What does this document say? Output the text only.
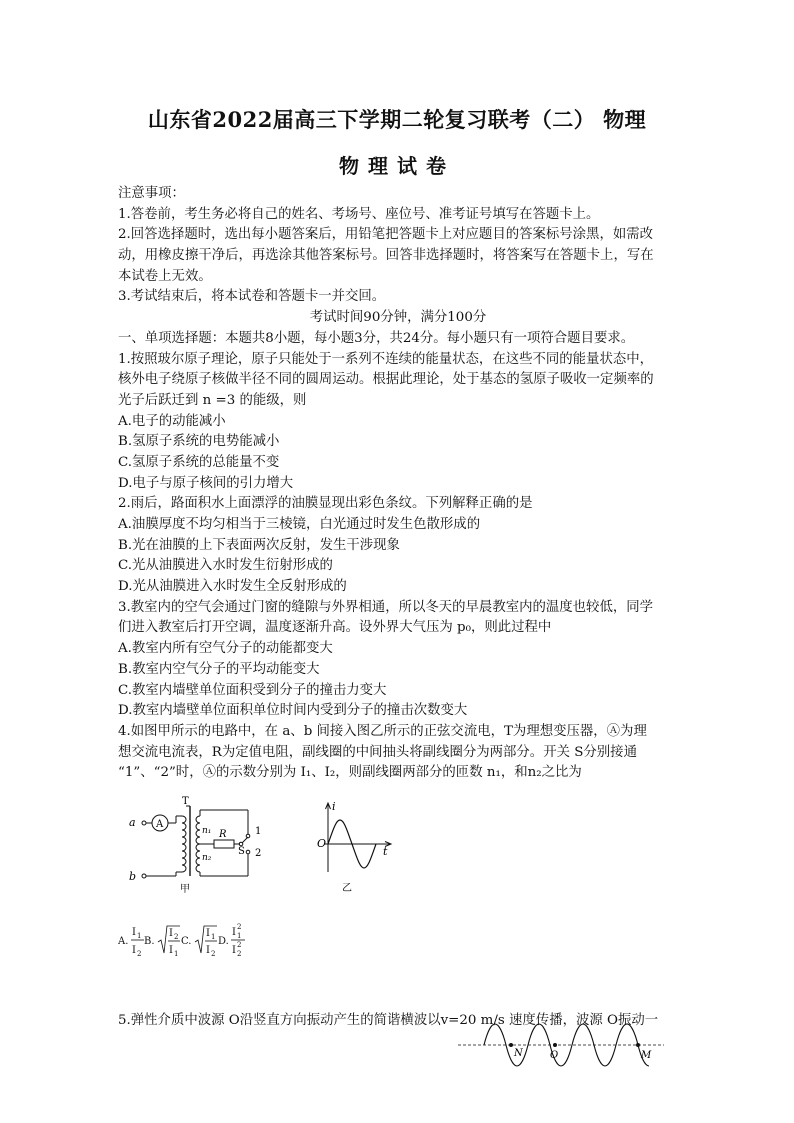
山东省2022届高三下学期二轮复习联考（二） 物理
物理试卷
注意事项：
1.答卷前，考生务必将自己的姓名、考场号、座位号、准考证号填写在答题卡上。
2.回答选择题时，选出每小题答案后，用铅笔把答题卡上对应题目的答案标号涂黑，如需改
动，用橡皮擦干净后，再选涂其他答案标号。回答非选择题时，将答案写在答题卡上，写在
本试卷上无效。
3.考试结束后，将本试卷和答题卡一并交回。
考试时间90分钟，满分100分
一、单项选择题：本题共8小题，每小题3分，共24分。每小题只有一项符合题目要求。
1.按照玻尔原子理论，原子只能处于一系列不连续的能量状态，在这些不同的能量状态中，
核外电子绕原子核做半径不同的圆周运动。根据此理论，处于基态的氢原子吸收一定频率的
光子后跃迁到 n =3 的能级，则
A.电子的动能减小
B.氢原子系统的电势能减小
C.氢原子系统的总能量不变
D.电子与原子核间的引力增大
2.雨后，路面积水上面漂浮的油膜显现出彩色条纹。下列解释正确的是
A.油膜厚度不均匀相当于三棱镜，白光通过时发生色散形成的
B.光在油膜的上下表面两次反射，发生干涉现象
C.光从油膜进入水时发生衍射形成的
D.光从油膜进入水时发生全反射形成的
3.教室内的空气会通过门窗的缝隙与外界相通，所以冬天的早晨教室内的温度也较低，同学
们进入教室后打开空调，温度逐渐升高。设外界大气压为 p₀，则此过程中
A.教室内所有空气分子的动能都变大
B.教室内空气分子的平均动能变大
C.教室内墙壁单位面积受到分子的撞击力变大
D.教室内墙壁单位面积单位时间内受到分子的撞击次数变大
4.如图甲所示的电路中，在 a、b 间接入图乙所示的正弦交流电，T为理想变压器，Ⓐ为理
想交流电流表，R为定值电阻，副线圈的中间抽头将副线圈分为两部分。开关 S分别接通
“1”、“2”时，Ⓐ的示数分别为 I₁、I₂，则副线圈两部分的匝数 n₁，和n₂之比为
a
b
A
T
n₁
n₂
R
S
1
2
甲
i
t
O
乙
A.
I 1
I 2
B.
I 2
I 1
C.
I 1
I 2
D.
I 1
2
I 2
2
5.弹性介质中波源 O沿竖直方向振动产生的简谐横波以v=20 m/s 速度传播，波源 O振动一
N	O	M
